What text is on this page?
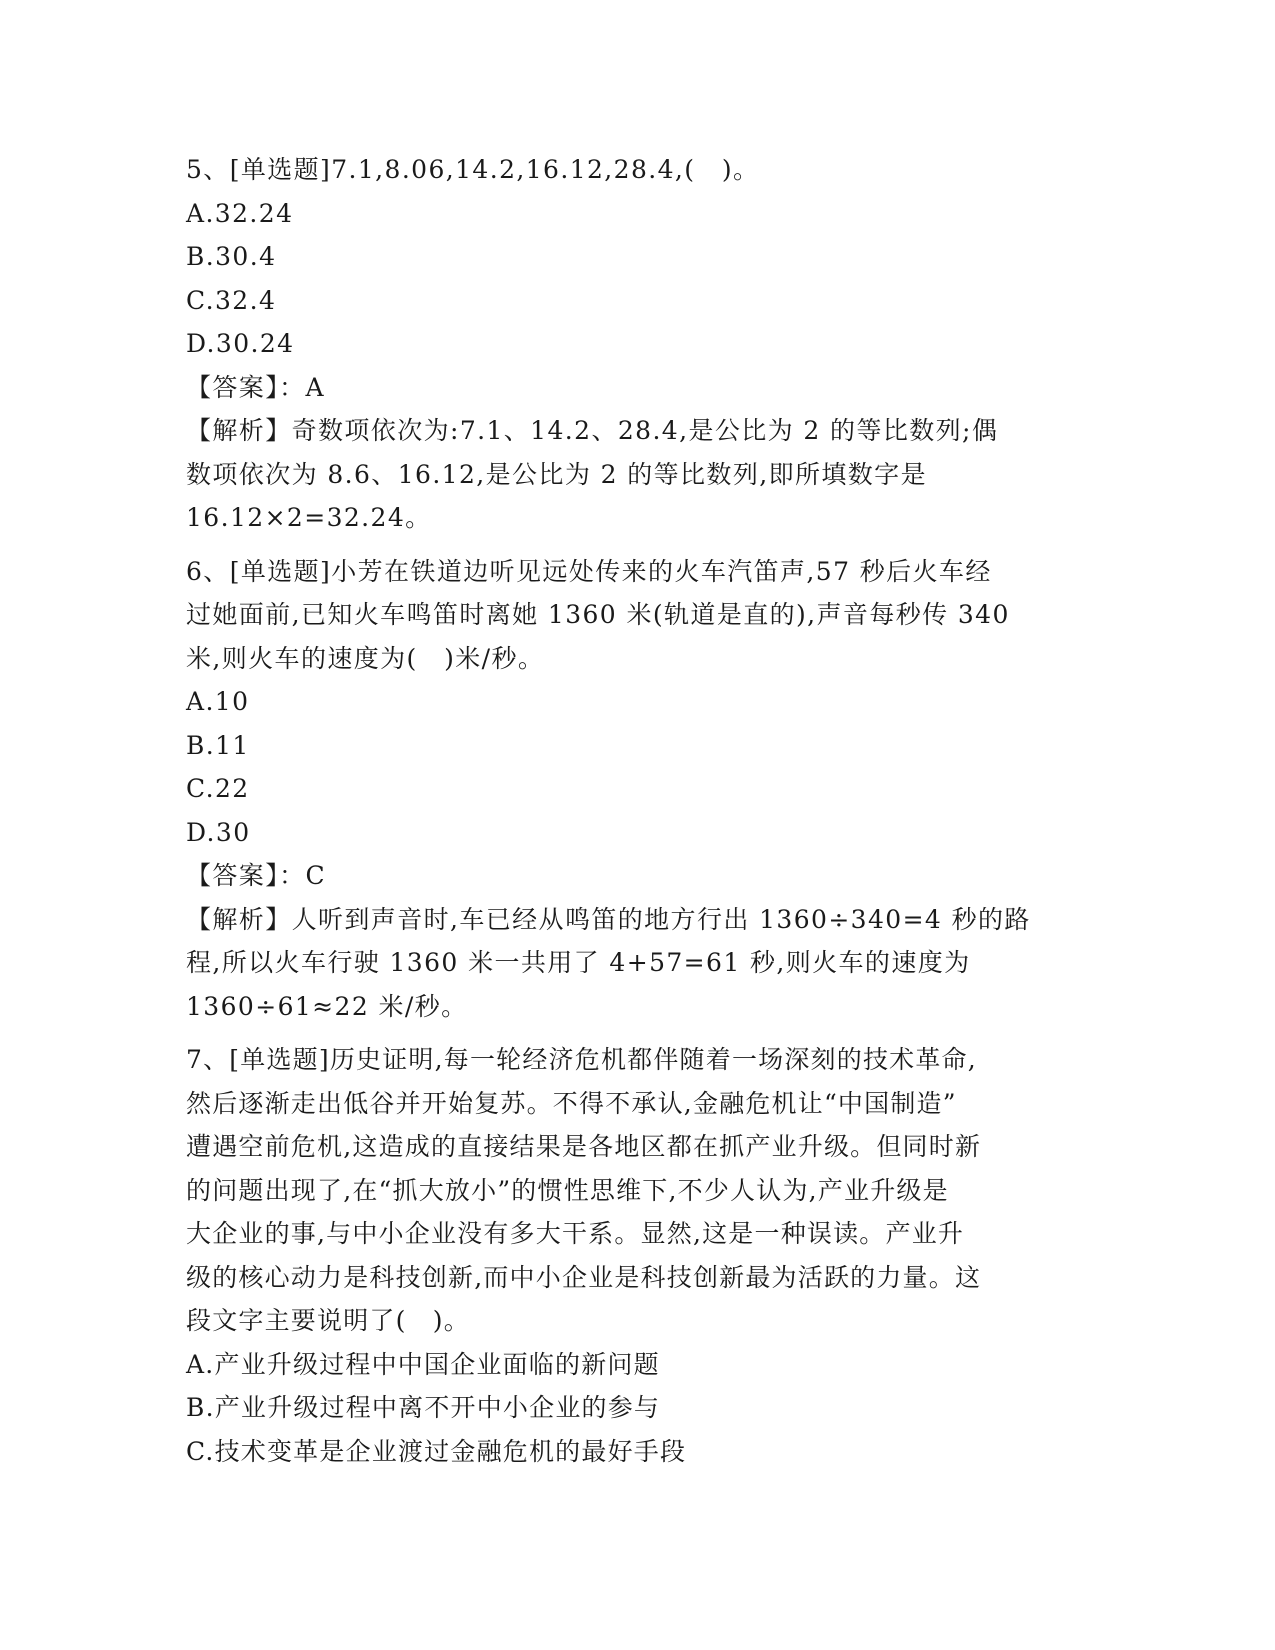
5、[单选题]7.1,8.06,14.2,16.12,28.4,(　)。
A.32.24
B.30.4
C.32.4
D.30.24
【答案】：A
【解析】奇数项依次为:7.1、14.2、28.4,是公比为 2 的等比数列;偶
数项依次为 8.6、16.12,是公比为 2 的等比数列,即所填数字是
16.12×2=32.24。
6、[单选题]小芳在铁道边听见远处传来的火车汽笛声,57 秒后火车经
过她面前,已知火车鸣笛时离她 1360 米(轨道是直的),声音每秒传 340
米,则火车的速度为(　)米/秒。
A.10
B.11
C.22
D.30
【答案】：C
【解析】人听到声音时,车已经从鸣笛的地方行出 1360÷340=4 秒的路
程,所以火车行驶 1360 米一共用了 4+57=61 秒,则火车的速度为
1360÷61≈22 米/秒。
7、[单选题]历史证明,每一轮经济危机都伴随着一场深刻的技术革命,
然后逐渐走出低谷并开始复苏。不得不承认,金融危机让“中国制造”
遭遇空前危机,这造成的直接结果是各地区都在抓产业升级。但同时新
的问题出现了,在“抓大放小”的惯性思维下,不少人认为,产业升级是
大企业的事,与中小企业没有多大干系。显然,这是一种误读。产业升
级的核心动力是科技创新,而中小企业是科技创新最为活跃的力量。这
段文字主要说明了(　)。
A.产业升级过程中中国企业面临的新问题
B.产业升级过程中离不开中小企业的参与
C.技术变革是企业渡过金融危机的最好手段
